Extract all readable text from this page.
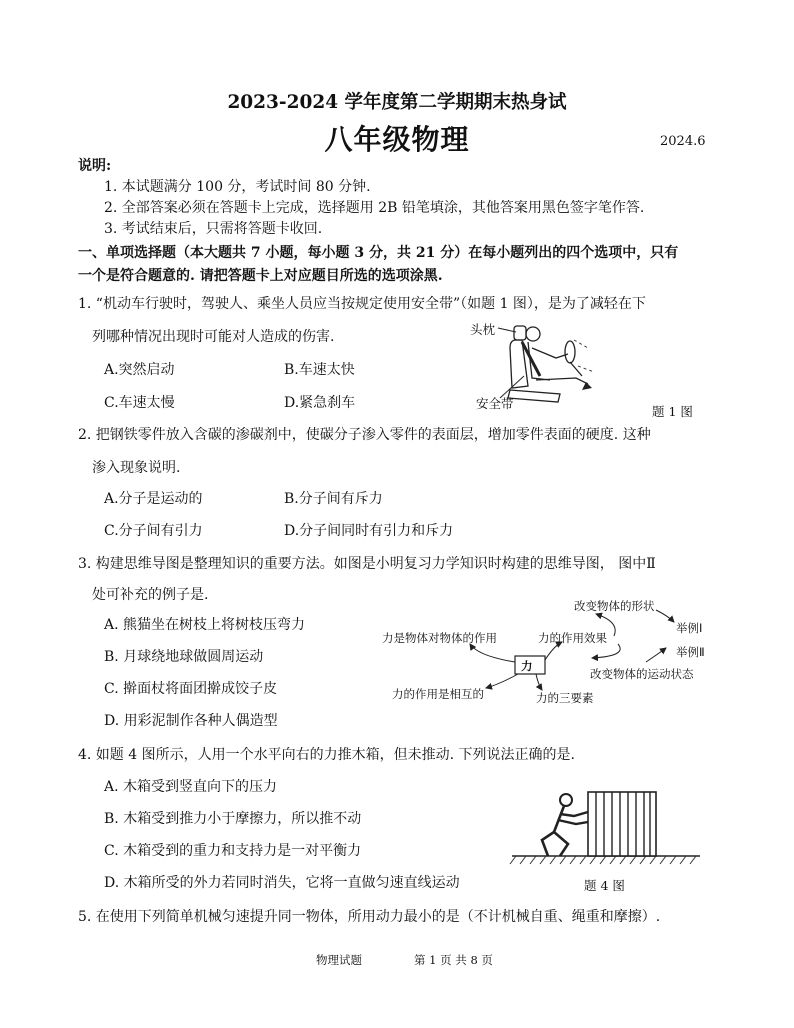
2023-2024 学年度第二学期期末热身试
八年级物理	2024.6
说明:
1. 本试题满分 100 分，考试时间 80 分钟.
2. 全部答案必须在答题卡上完成，选择题用 2B 铅笔填涂，其他答案用黑色签字笔作答.
3. 考试结束后，只需将答题卡收回.
一、单项选择题（本大题共 7 小题，每小题 3 分，共 21 分）在每小题列出的四个选项中，只有
一个是符合题意的. 请把答题卡上对应题目所选的选项涂黑.
1. “机动车行驶时，驾驶人、乘坐人员应当按规定使用安全带”（如题 1 图），是为了减轻在下
列哪种情况出现时可能对人造成的伤害.
A.突然启动	B.车速太快
C.车速太慢	D.紧急刹车
头枕
安全带
题 1 图
2. 把钢铁零件放入含碳的渗碳剂中，使碳分子渗入零件的表面层，增加零件表面的硬度. 这种
渗入现象说明.
A.分子是运动的	B.分子间有斥力
C.分子间有引力	D.分子间同时有引力和斥力
3. 构建思维导图是整理知识的重要方法。如图是小明复习力学知识时构建的思维导图， 图中Ⅱ
处可补充的例子是.
A. 熊猫坐在树枝上将树枝压弯力
B. 月球绕地球做圆周运动
C. 擀面杖将面团擀成饺子皮
D. 用彩泥制作各种人偶造型
力
力是物体对物体的作用	力的作用效果
改变物体的形状
举例Ⅰ
举例Ⅱ
改变物体的运动状态
力的作用是相互的	力的三要素
4. 如题 4 图所示，人用一个水平向右的力推木箱，但未推动. 下列说法正确的是.
A. 木箱受到竖直向下的压力
B. 木箱受到推力小于摩擦力，所以推不动
C. 木箱受到的重力和支持力是一对平衡力
D. 木箱所受的外力若同时消失，它将一直做匀速直线运动	题 4 图
5. 在使用下列简单机械匀速提升同一物体，所用动力最小的是（不计机械自重、绳重和摩擦）.
物理试题	第 1 页 共 8 页
